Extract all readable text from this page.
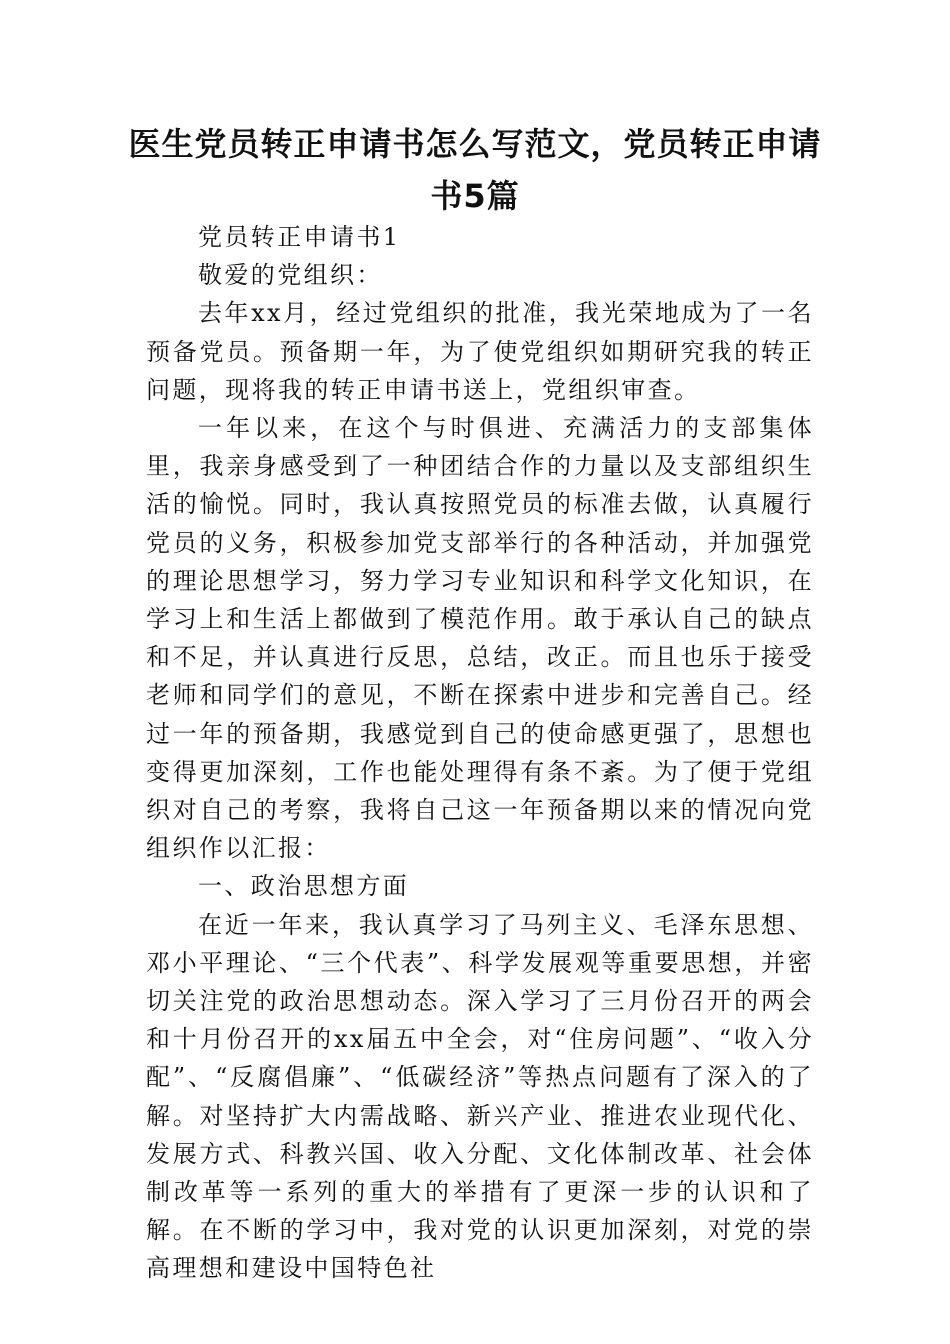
医生党员转正申请书怎么写范文，党员转正申请书5篇

党员转正申请书1

敬爱的党组织：

去年xx月，经过党组织的批准，我光荣地成为了一名预备党员。预备期一年，为了使党组织如期研究我的转正问题，现将我的转正申请书送上，党组织审查。

一年以来，在这个与时俱进、充满活力的支部集体里，我亲身感受到了一种团结合作的力量以及支部组织生活的愉悦。同时，我认真按照党员的标准去做，认真履行党员的义务，积极参加党支部举行的各种活动，并加强党的理论思想学习，努力学习专业知识和科学文化知识，在学习上和生活上都做到了模范作用。敢于承认自己的缺点和不足，并认真进行反思，总结，改正。而且也乐于接受老师和同学们的意见，不断在探索中进步和完善自己。经过一年的预备期，我感觉到自己的使命感更强了，思想也变得更加深刻，工作也能处理得有条不紊。为了便于党组织对自己的考察，我将自己这一年预备期以来的情况向党组织作以汇报：

一、政治思想方面

在近一年来，我认真学习了马列主义、毛泽东思想、邓小平理论、“三个代表”、科学发展观等重要思想，并密切关注党的政治思想动态。深入学习了三月份召开的两会和十月份召开的xx届五中全会，对“住房问题”、“收入分配”、“反腐倡廉”、“低碳经济”等热点问题有了深入的了解。对坚持扩大内需战略、新兴产业、推进农业现代化、发展方式、科教兴国、收入分配、文化体制改革、社会体制改革等一系列的重大的举措有了更深一步的认识和了解。在不断的学习中，我对党的认识更加深刻，对党的崇高理想和建设中国特色社
